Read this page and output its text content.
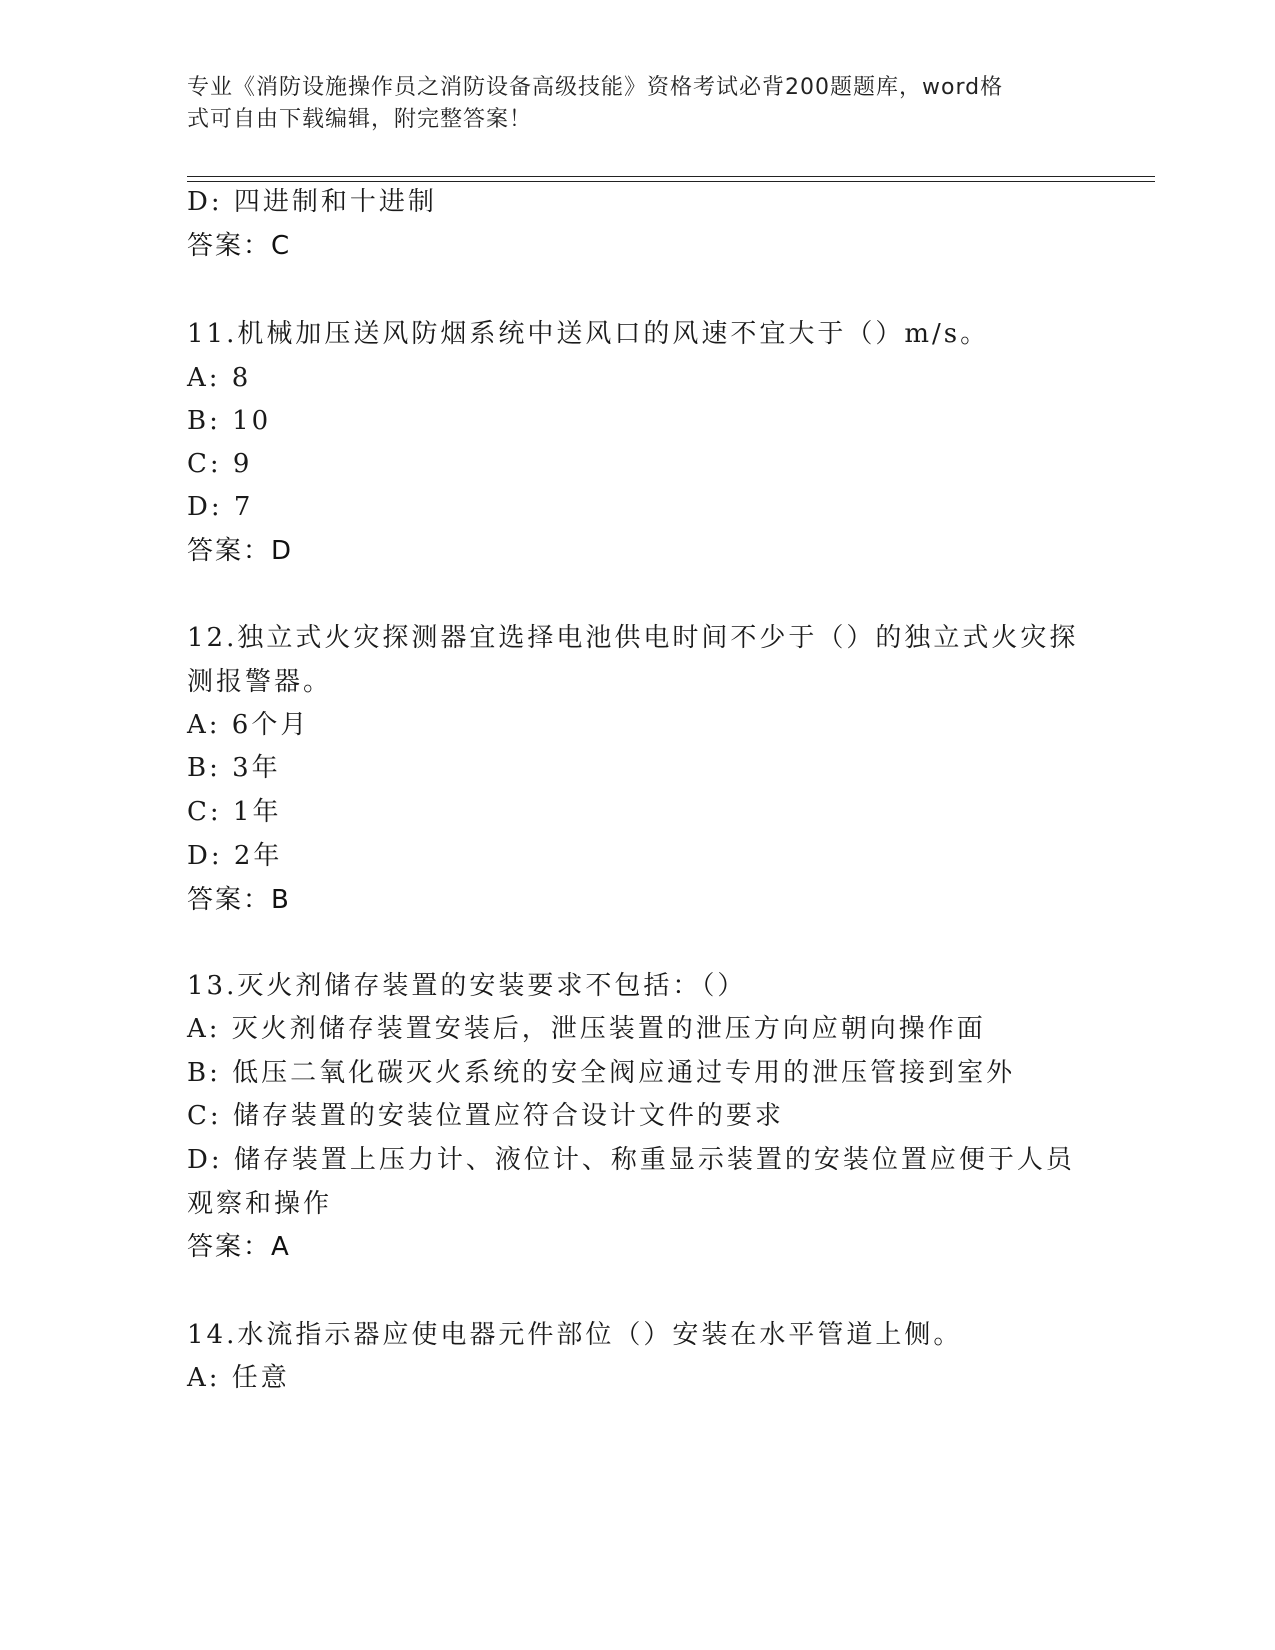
专业《消防设施操作员之消防设备高级技能》资格考试必背200题题库，word格
式可自由下载编辑，附完整答案！
D: 四进制和十进制
答案：C
11.机械加压送风防烟系统中送风口的风速不宜大于（）m/s。
A: 8
B: 10
C: 9
D: 7
答案：D
12.独立式火灾探测器宜选择电池供电时间不少于（）的独立式火灾探
测报警器。
A: 6个月
B: 3年
C: 1年
D: 2年
答案：B
13.灭火剂储存装置的安装要求不包括：（）
A: 灭火剂储存装置安装后，泄压装置的泄压方向应朝向操作面
B: 低压二氧化碳灭火系统的安全阀应通过专用的泄压管接到室外
C: 储存装置的安装位置应符合设计文件的要求
D: 储存装置上压力计、液位计、称重显示装置的安装位置应便于人员
观察和操作
答案：A
14.水流指示器应使电器元件部位（）安装在水平管道上侧。
A: 任意
